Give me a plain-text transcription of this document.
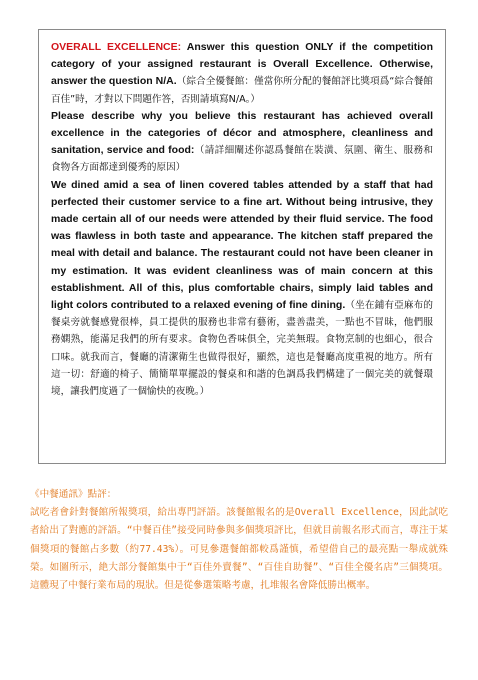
OVERALL EXCELLENCE: Answer this question ONLY if the competition category of your assigned restaurant is Overall Excellence. Otherwise, answer the question N/A.（綜合全優餐館：僅當你所分配的餐館評比獎項爲“綜合餐館百佳”時，才對以下問題作答，否則請填寫N/A。）
Please describe why you believe this restaurant has achieved overall excellence in the categories of décor and atmosphere, cleanliness and sanitation, service and food:（請詳細闡述你認爲餐館在裝潢、氛圍、衛生、服務和食物各方面都達到優秀的原因）
We dined amid a sea of linen covered tables attended by a staff that had perfected their customer service to a fine art. Without being intrusive, they made certain all of our needs were attended by their fluid service. The food was flawless in both taste and appearance. The kitchen staff prepared the meal with detail and balance. The restaurant could not have been cleaner in my estimation. It was evident cleanliness was of main concern at this establishment. All of this, plus comfortable chairs, simply laid tables and light colors contributed to a relaxed evening of fine dining.（坐在鋪有亞麻布的餐桌旁就餐感覺很棒，員工提供的服務也非常有藝術，盡善盡美，一點也不冒昧，他們服務嫻熟，能滿足我們的所有要求。食物色香味俱全，完美無瑕。食物烹制的也細心，很合口味。就我而言，餐廳的清潔衛生也做得很好，顯然，這也是餐廳高度重視的地方。所有這一切：舒適的椅子、簡簡單單擺設的餐桌和和諧的色調爲我們構建了一個完美的就餐環境，讓我們度過了一個愉快的夜晚。）
《中餐通訊》點評：
試吃者會針對餐館所報獎項，給出專門評語。該餐館報名的是Overall Excellence，因此試吃者給出了對應的評語。“中餐百佳”接受同時參與多個獎項評比，但就目前報名形式而言，專注于某個獎項的餐館占多數（約77.43%）。可見參選餐館都較爲謹慎，希望借自己的最亮點一舉成就殊榮。如圖所示，絶大部分餐館集中于“百佳外賣餐”、“百佳自助餐”、“百佳全優名店”三個獎項。這體現了中餐行業布局的現狀。但是從參選策略考慮，扎堆報名會降低勝出概率。
